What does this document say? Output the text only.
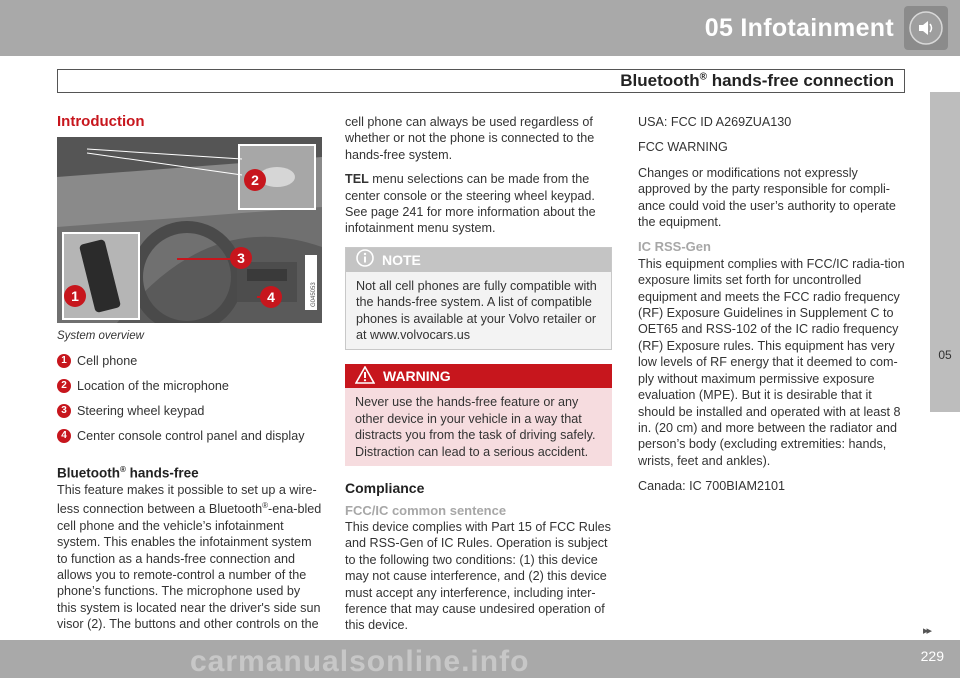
05 Infotainment
Bluetooth® hands-free connection
05
Introduction
G045053
1
2
3
4
System overview
1 Cell phone
2 Location of the microphone
3 Steering wheel keypad
4 Center console control panel and display
Bluetooth® hands-free

This feature makes it possible to set up a wire-less connection between a Bluetooth®-ena-bled cell phone and the vehicle’s infotainment system. This enables the infotainment system to function as a hands-free connection and allows you to remote-control a number of the phone’s functions. The microphone used by this system is located near the driver's side sun visor (2). The buttons and other controls on the

cell phone can always be used regardless of whether or not the phone is connected to the hands-free system.

TEL menu selections can be made from the center console or the steering wheel keypad. See page 241 for more information about the infotainment menu system.

NOTE
Not all cell phones are fully compatible with the hands-free system. A list of compatible phones is available at your Volvo retailer or at www.volvocars.us
WARNING
Never use the hands-free feature or any other device in your vehicle in a way that distracts you from the task of driving safely. Distraction can lead to a serious accident.
Compliance
FCC/IC common sentence

This device complies with Part 15 of FCC Rules and RSS-Gen of IC Rules. Operation is subject to the following two conditions: (1) this device may not cause interference, and (2) this device must accept any interference, including inter-ference that may cause undesired operation of this device.

USA: FCC ID A269ZUA130

FCC WARNING

Changes or modifications not expressly approved by the party responsible for compli-ance could void the user’s authority to operate the equipment.

IC RSS-Gen

This equipment complies with FCC/IC radia-tion exposure limits set forth for uncontrolled equipment and meets the FCC radio frequency (RF) Exposure Guidelines in Supplement C to OET65 and RSS-102 of the IC radio frequency (RF) Exposure rules. This equipment has very low levels of RF energy that it deemed to com-ply without maximum permissive exposure evaluation (MPE). But it is desirable that it should be installed and operated with at least 8 in. (20 cm) and more between the radiator and person’s body (excluding extremities: hands, wrists, feet and ankles).

Canada: IC 700BIAM2101

▸▸
carmanualsonline.info	229
